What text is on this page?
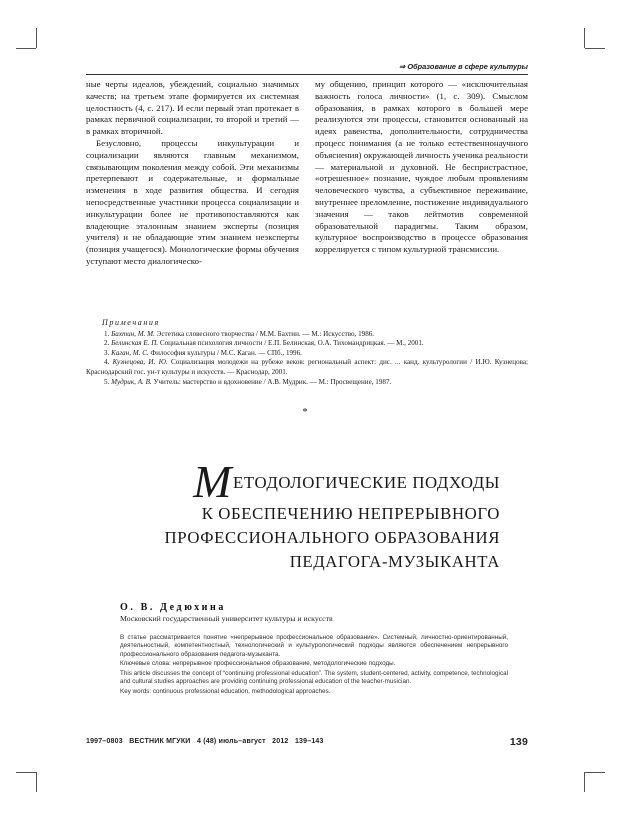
⇒ Образование в сфере культуры

ные черты идеалов, убеждений, социально значимых качеств; на третьем этапе формируется их системная целостность (4, с. 217). И если первый этап протекает в рамках первичной социализации, то второй и третий — в рамках вторичной.

Безусловно, процессы инкультурации и социализации являются главным механизмом, связывающим поколения между собой. Эти механизмы претерпевают и содержательные, и формальные изменения в ходе развития общества. И сегодня непосредственные участники процесса социализации и инкультурации более не противопоставляются как владеющие эталонным знанием эксперты (позиция учителя) и не обладающие этим знанием неэксперты (позиция учащегося). Монологические формы обучения уступают место диалогическо-

му общению, принцип которого — «исключительная важность голоса личности» (1, с. 309). Смыслом образования, в рамках которого в большей мере реализуются эти процессы, становится основанный на идеях равенства, дополнительности, сотрудничества процесс понимания (а не только естественнонаучного объяснения) окружающей личность ученика реальности — материальной и духовной. Не беспристрастное, «отрешенное» познание, чуждое любым проявлениям человеческого чувства, а субъективное переживание, внутреннее преломление, постижение индивидуального значения — таков лейтмотив современной образовательной парадигмы. Таким образом, культурное воспроизводство в процессе образования коррелируется с типом культурной трансмиссии.

Примечания
1. Бахтин, М. М. Эстетика словесного творчества / М.М. Бахтин. — М.: Искусство, 1986.
2. Белинская Е. П. Социальная психология личности / Е.П. Белинская, О.А. Тихомандрицкая. — М., 2001.
3. Каган, М. С. Философия культуры / М.С. Каган. — СПб., 1996.
4. Кузнецова, И. Ю. Социализация молодежи на рубеже веков: региональный аспект: дис. ... канд. культурологии / И.Ю. Кузнецова; Краснодарский гос. ун-т культуры и искусств. — Краснодар, 2001.
5. Мудрик, А. В. Учитель: мастерство и вдохновение / А.В. Мудрик. — М.: Просвещение, 1987.
*
МЕТОДОЛОГИЧЕСКИЕ ПОДХОДЫ
К ОБЕСПЕЧЕНИЮ НЕПРЕРЫВНОГО
ПРОФЕССИОНАЛЬНОГО ОБРАЗОВАНИЯ
ПЕДАГОГА-МУЗЫКАНТА
О. В. Дедюхина
Московский государственный университет культуры и искусств

В статье рассматривается понятие «непрерывное профессиональное образование». Системный, личностно-ориентированный, деятельностный, компетентностный, технологический и культурологический подходы являются обеспечением непрерывного профессионального образования педагога-музыканта.

Ключевые слова: непрерывное профессиональное образование, методологические подходы.

This article discusses the concept of “continuing professional education”. The system, student-centered, activity, competence, technological and cultural studies approaches are providing continuing professional education of the teacher-musician.

Key words: continuous professional education, methodological approaches.

1997–0803 ВЕСТНИК МГУКИ 4 (48) июль–август 2012 139–143	139
